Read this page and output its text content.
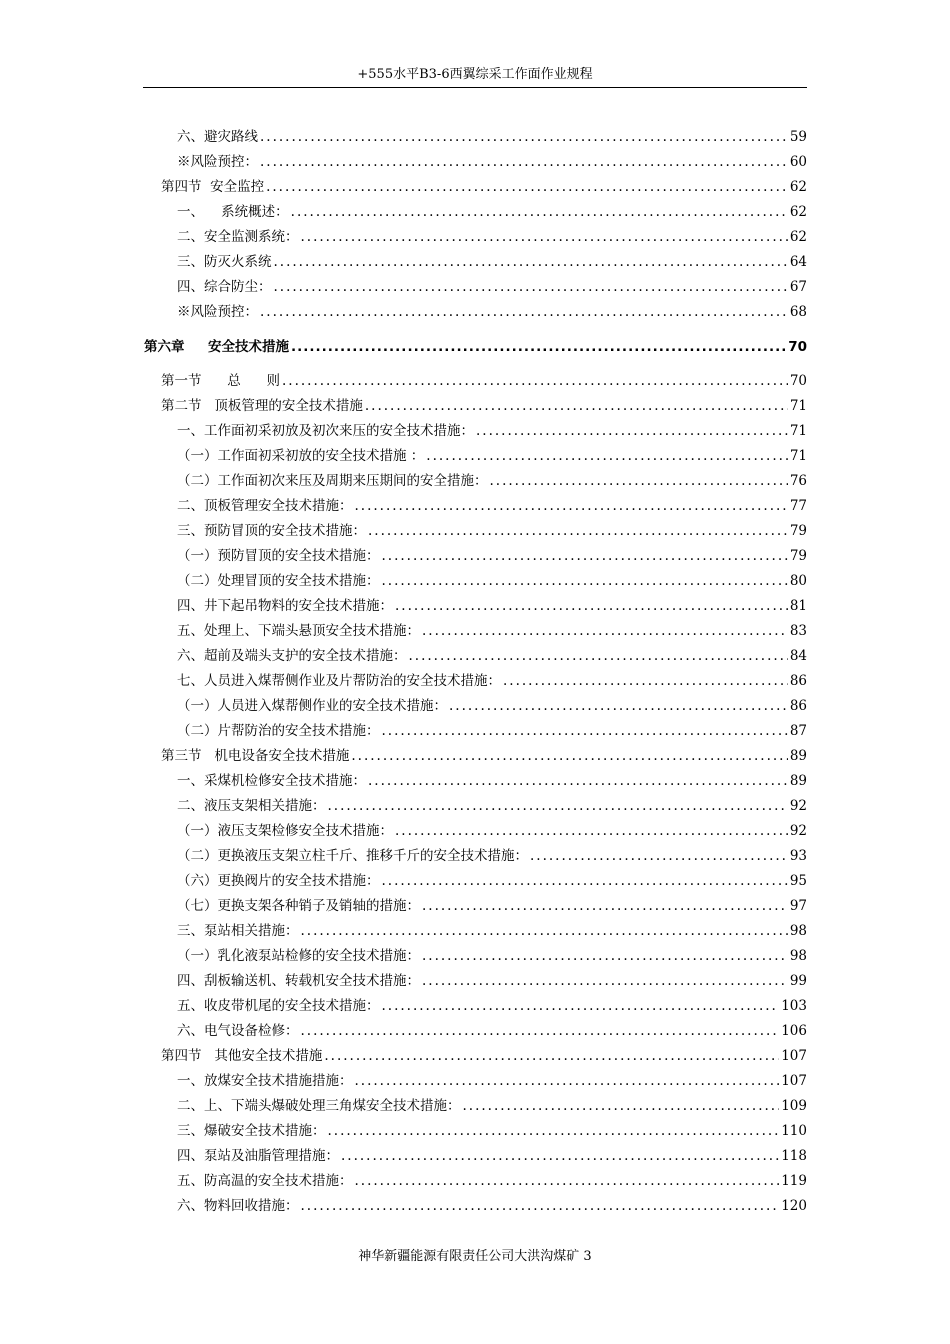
+555水平B3-6西翼综采工作面作业规程
六、避灾路线 .....	59
※风险预控： .....	60
第四节  安全监控 .....	62
一、    系统概述： .....	62
二、安全监测系统： .....	62
三、防灭火系统 .....	64
四、综合防尘： .....	67
※风险预控： .....	68
第六章     安全技术措施 .....	70
第一节      总      则 .....	70
第二节   顶板管理的安全技术措施 .....	71
一、工作面初采初放及初次来压的安全技术措施： .....	71
（一）工作面初采初放的安全技术措施 ： .....	71
（二）工作面初次来压及周期来压期间的安全措施： .....	76
二、顶板管理安全技术措施： .....	77
三、预防冒顶的安全技术措施： .....	79
（一）预防冒顶的安全技术措施： .....	79
（二）处理冒顶的安全技术措施： .....	80
四、井下起吊物料的安全技术措施： .....	81
五、处理上、下端头悬顶安全技术措施： .....	83
六、超前及端头支护的安全技术措施： .....	84
七、人员进入煤帮侧作业及片帮防治的安全技术措施： .....	86
（一）人员进入煤帮侧作业的安全技术措施： .....	86
（二）片帮防治的安全技术措施： .....	87
第三节   机电设备安全技术措施 .....	89
一、采煤机检修安全技术措施： .....	89
二、液压支架相关措施： .....	92
（一）液压支架检修安全技术措施： .....	92
（二）更换液压支架立柱千斤、推移千斤的安全技术措施： .....	93
（六）更换阀片的安全技术措施： .....	95
（七）更换支架各种销子及销轴的措施： .....	97
三、泵站相关措施： .....	98
（一）乳化液泵站检修的安全技术措施： .....	98
四、刮板输送机、转载机安全技术措施： .....	99
五、收皮带机尾的安全技术措施： .....	103
六、电气设备检修： .....	106
第四节   其他安全技术措施 .....	107
一、放煤安全技术措施措施： .....	107
二、上、下端头爆破处理三角煤安全技术措施： .....	109
三、爆破安全技术措施： .....	110
四、泵站及油脂管理措施： .....	118
五、防高温的安全技术措施： .....	119
六、物料回收措施： .....	120
神华新疆能源有限责任公司大洪沟煤矿 3
